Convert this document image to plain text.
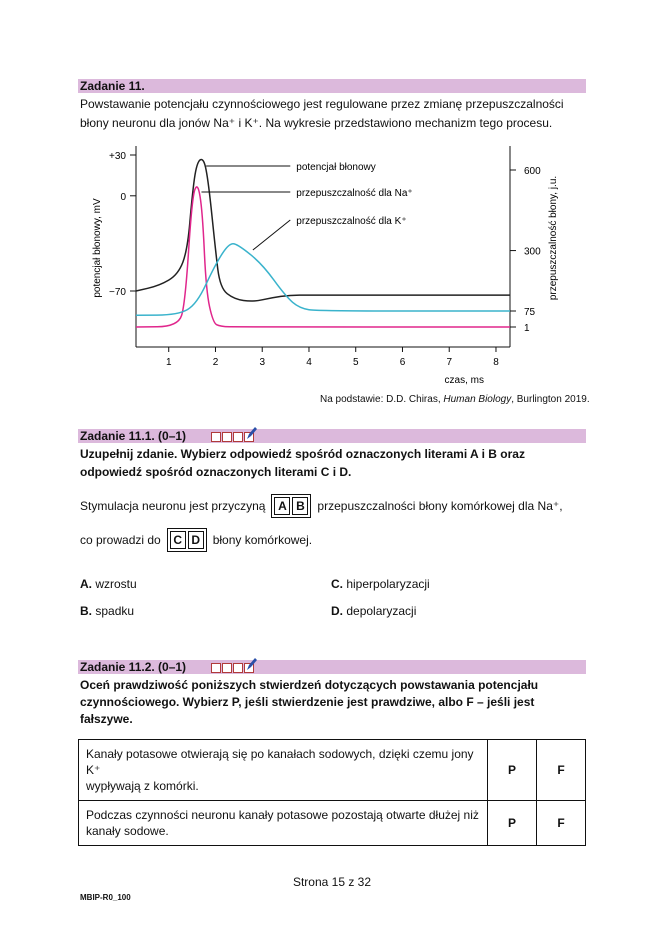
Zadanie 11.
Powstawanie potencjału czynnościowego jest regulowane przez zmianę przepuszczalności
błony neuronu dla jonów Na⁺ i K⁺. Na wykresie przedstawiono mechanizm tego procesu.
+30
0
−70
600
300
75
1
1	2	3	4	5	6	7	8
czas, ms
potencjał błonowy, mV	przepuszczalność błony, j.u.
potencjał błonowy
przepuszczalność dla Na⁺
przepuszczalność dla K⁺
Na podstawie: D.D. Chiras, Human Biology, Burlington 2019.
Zadanie 11.1. (0–1)
Uzupełnij zdanie. Wybierz odpowiedź spośród oznaczonych literami A i B oraz
odpowiedź spośród oznaczonych literami C i D.
Stymulacja neuronu jest przyczyną	A B	przepuszczalności błony komórkowej dla Na⁺,
co prowadzi do	C D	błony komórkowej.
A. wzrostu
B. spadku
C. hiperpolaryzacji
D. depolaryzacji
Zadanie 11.2. (0–1)
Oceń prawdziwość poniższych stwierdzeń dotyczących powstawania potencjału
czynnościowego. Wybierz P, jeśli stwierdzenie jest prawdziwe, albo F – jeśli jest
fałszywe.
Kanały potasowe otwierają się po kanałach sodowych, dzięki czemu jony K⁺
wypływają z komórki.	P	F
Podczas czynności neuronu kanały potasowe pozostają otwarte dłużej niż
kanały sodowe.	P	F
Strona 15 z 32
MBIP-R0_100
